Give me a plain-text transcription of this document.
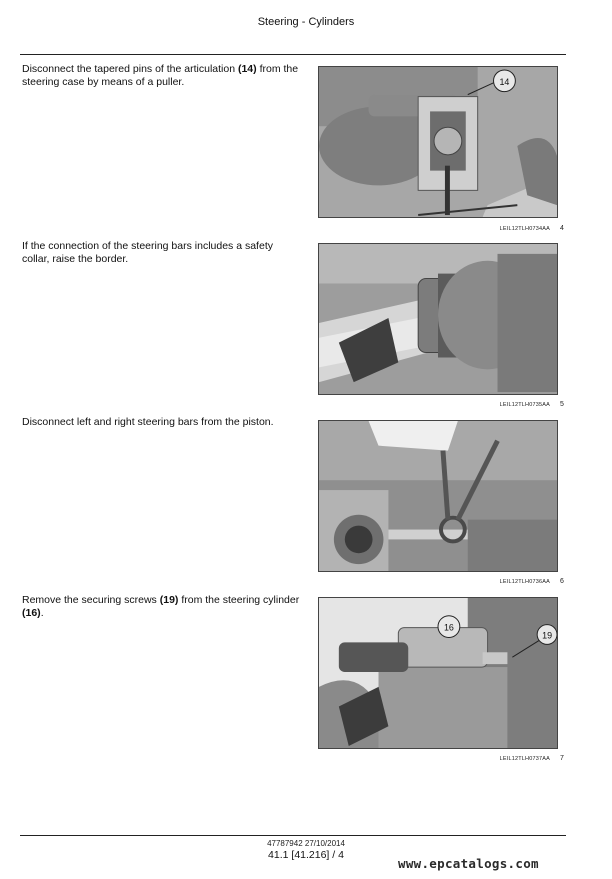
Steering - Cylinders
Disconnect the tapered pins of the articulation (14) from the steering case by means of a puller.	14
LEIL12TLH0734AA 4
If the connection of the steering bars includes a safety collar, raise the border.
LEIL12TLH0735AA 5
Disconnect left and right steering bars from the piston.
LEIL12TLH0736AA 6
Remove the securing screws (19) from the steering cylinder (16).
16
19
LEIL12TLH0737AA 7
47787942 27/10/2014
41.1 [41.216] / 4
www.epcatalogs.com
